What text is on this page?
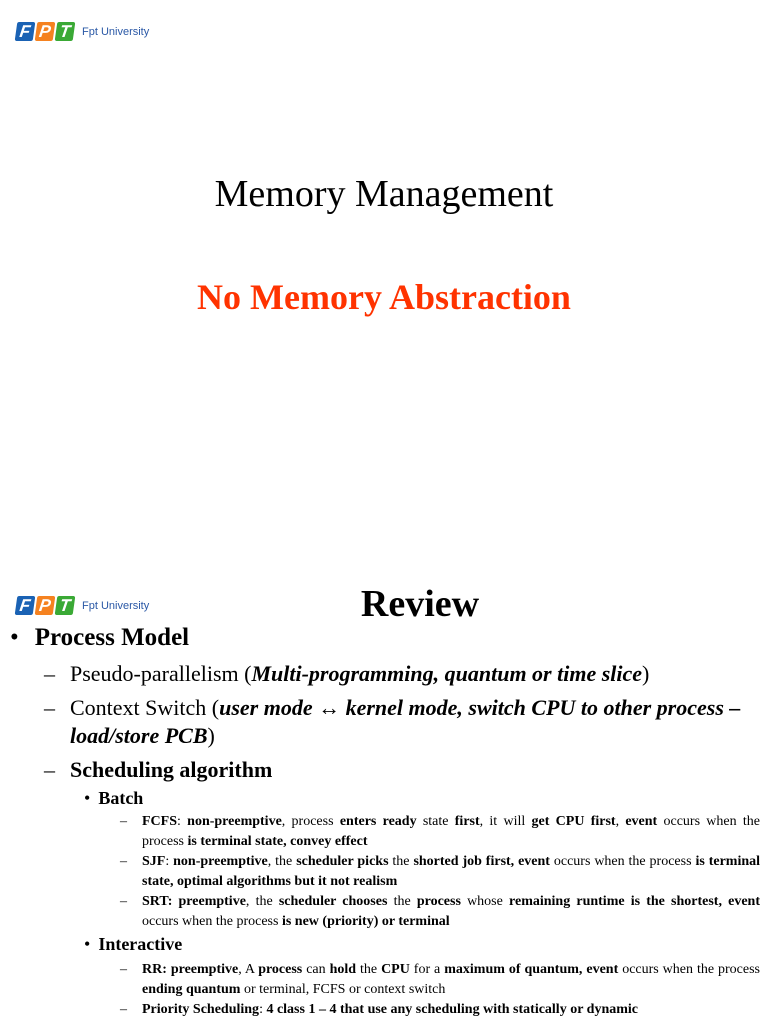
F P T Fpt University
Memory Management
No Memory Abstraction
F P T Fpt University	Review
• Process Model
– Pseudo-parallelism (Multi-programming, quantum or time slice)
– Context Switch (user mode ↔ kernel mode, switch CPU to other process – load/store PCB)
– Scheduling algorithm
• Batch
– FCFS: non-preemptive, process enters ready state first, it will get CPU first, event occurs when the process is terminal state, convey effect
– SJF: non-preemptive, the scheduler picks the shorted job first, event occurs when the process is terminal state, optimal algorithms but it not realism
– SRT: preemptive, the scheduler chooses the process whose remaining runtime is the shortest, event occurs when the process is new (priority) or terminal
• Interactive
– RR: preemptive, A process can hold the CPU for a maximum of quantum, event occurs when the process ending quantum or terminal, FCFS or context switch
– Priority Scheduling: 4 class 1 – 4 that use any scheduling with statically or dynamic
